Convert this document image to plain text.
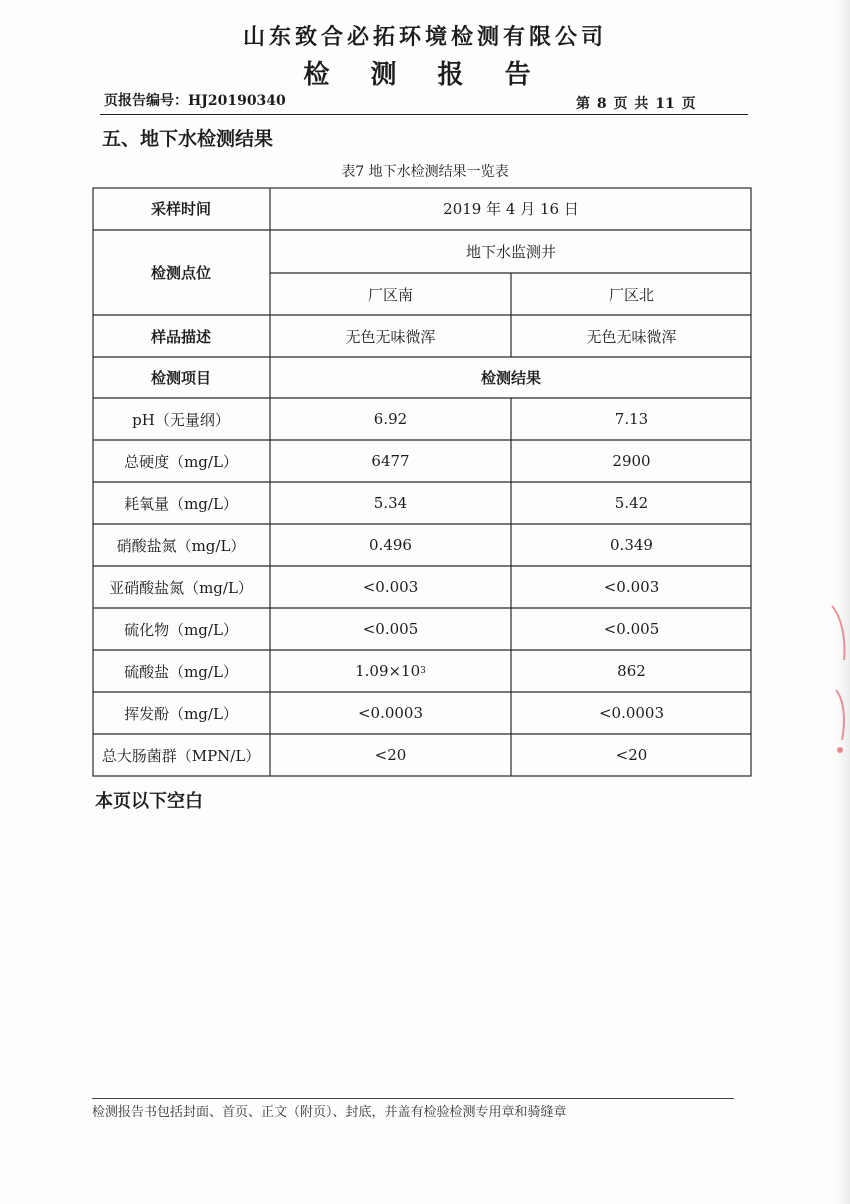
山东致合必拓环境检测有限公司
检 测 报 告
页报告编号：HJ20190340	第 8 页 共 11 页
五、地下水检测结果
表7 地下水检测结果一览表
采样时间	2019 年 4 月 16 日
检测点位
地下水监测井
厂区南	厂区北
样品描述	无色无味微浑	无色无味微浑
检测项目	检测结果
pH（无量纲）	6.92	7.13
总硬度（mg/L）	6477	2900
耗氧量（mg/L）	5.34	5.42
硝酸盐氮（mg/L）	0.496	0.349
亚硝酸盐氮（mg/L）	<0.003	<0.003
硫化物（mg/L）	<0.005	<0.005
硫酸盐（mg/L）	1.09×10 3	862
挥发酚（mg/L）	<0.0003	<0.0003
总大肠菌群（MPN/L）	<20	<20
本页以下空白
检测报告书包括封面、首页、正文（附页）、封底，并盖有检验检测专用章和骑缝章
